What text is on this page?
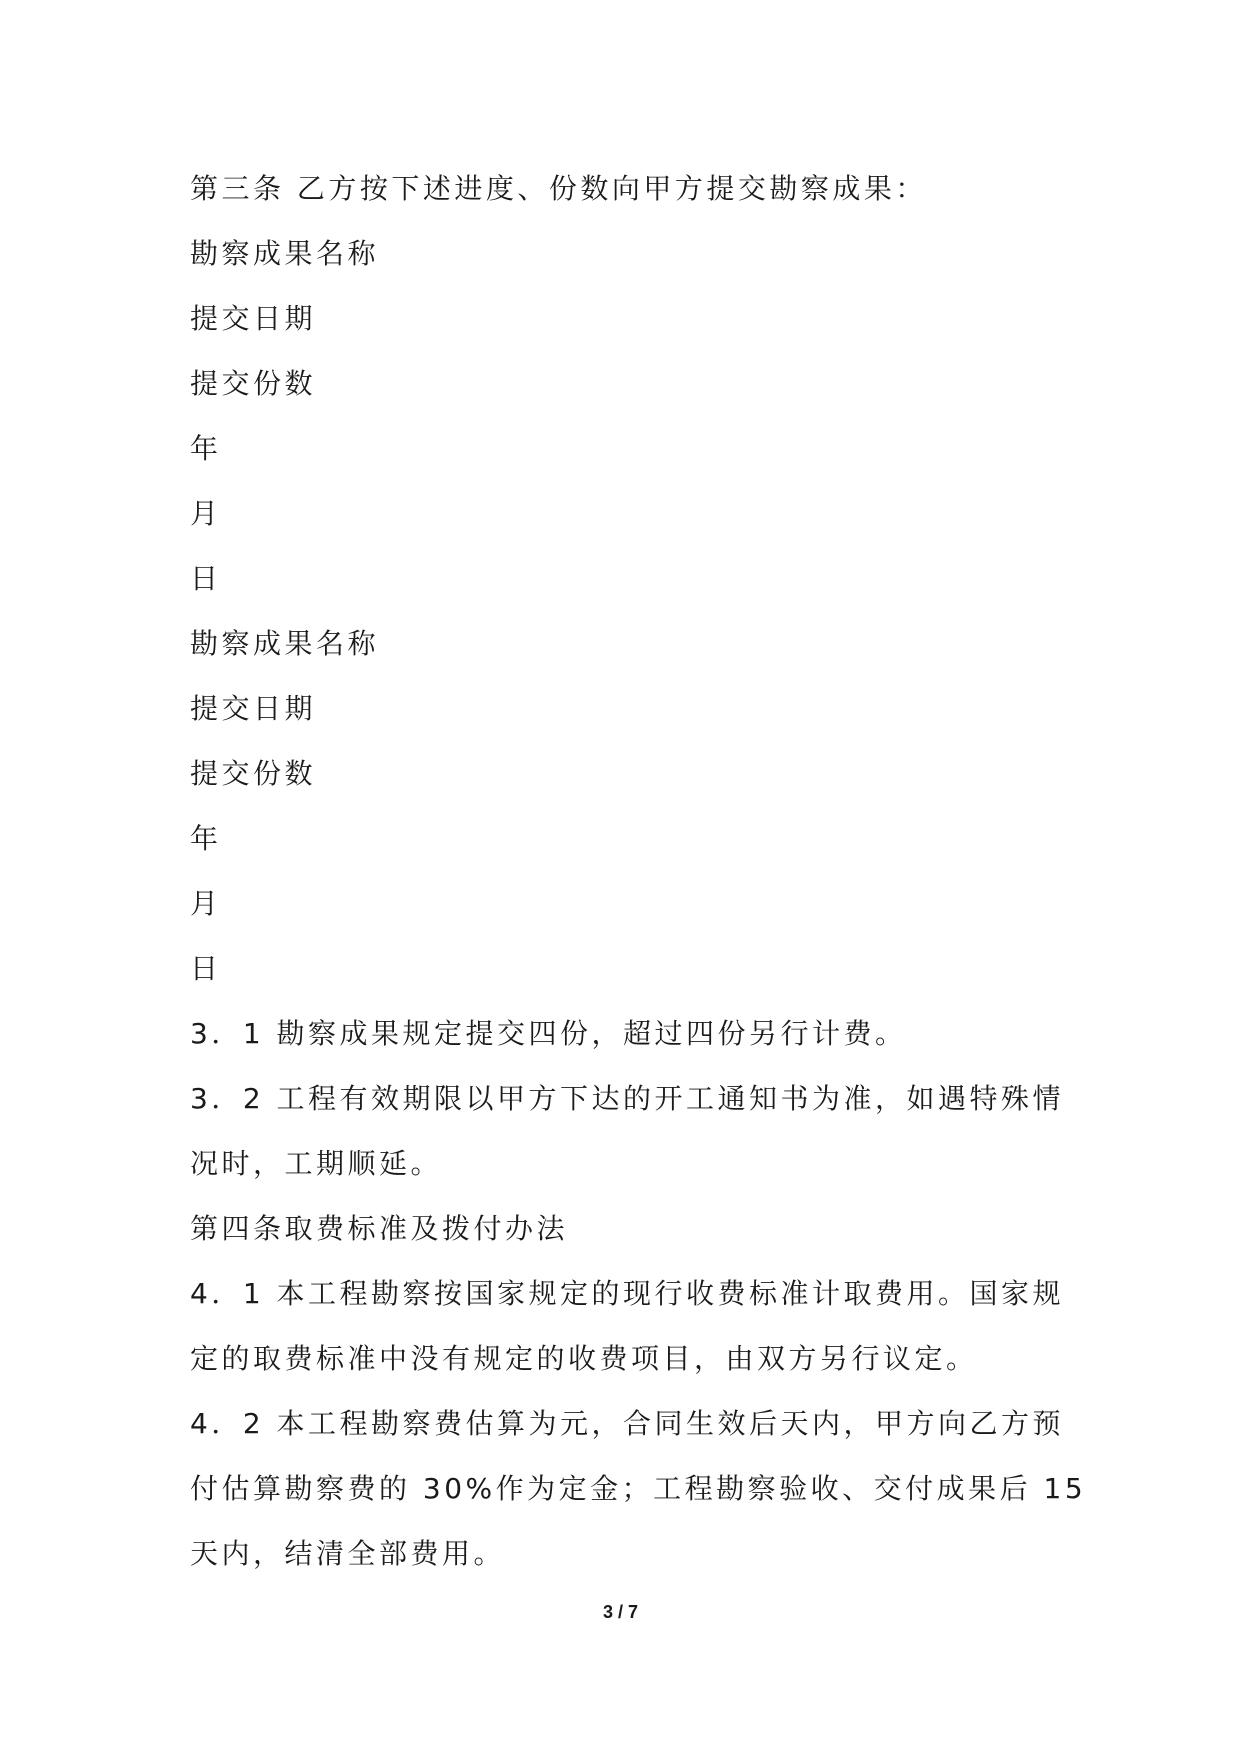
第三条 乙方按下述进度、份数向甲方提交勘察成果：

勘察成果名称

提交日期

提交份数

年

月

日

勘察成果名称

提交日期

提交份数

年

月

日

3．1 勘察成果规定提交四份，超过四份另行计费。

3．2 工程有效期限以甲方下达的开工通知书为准，如遇特殊情

况时，工期顺延。

第四条取费标准及拨付办法

4．1 本工程勘察按国家规定的现行收费标准计取费用。国家规

定的取费标准中没有规定的收费项目，由双方另行议定。

4．2 本工程勘察费估算为元，合同生效后天内，甲方向乙方预

付估算勘察费的 30%作为定金；工程勘察验收、交付成果后 15

天内，结清全部费用。

3 / 7
